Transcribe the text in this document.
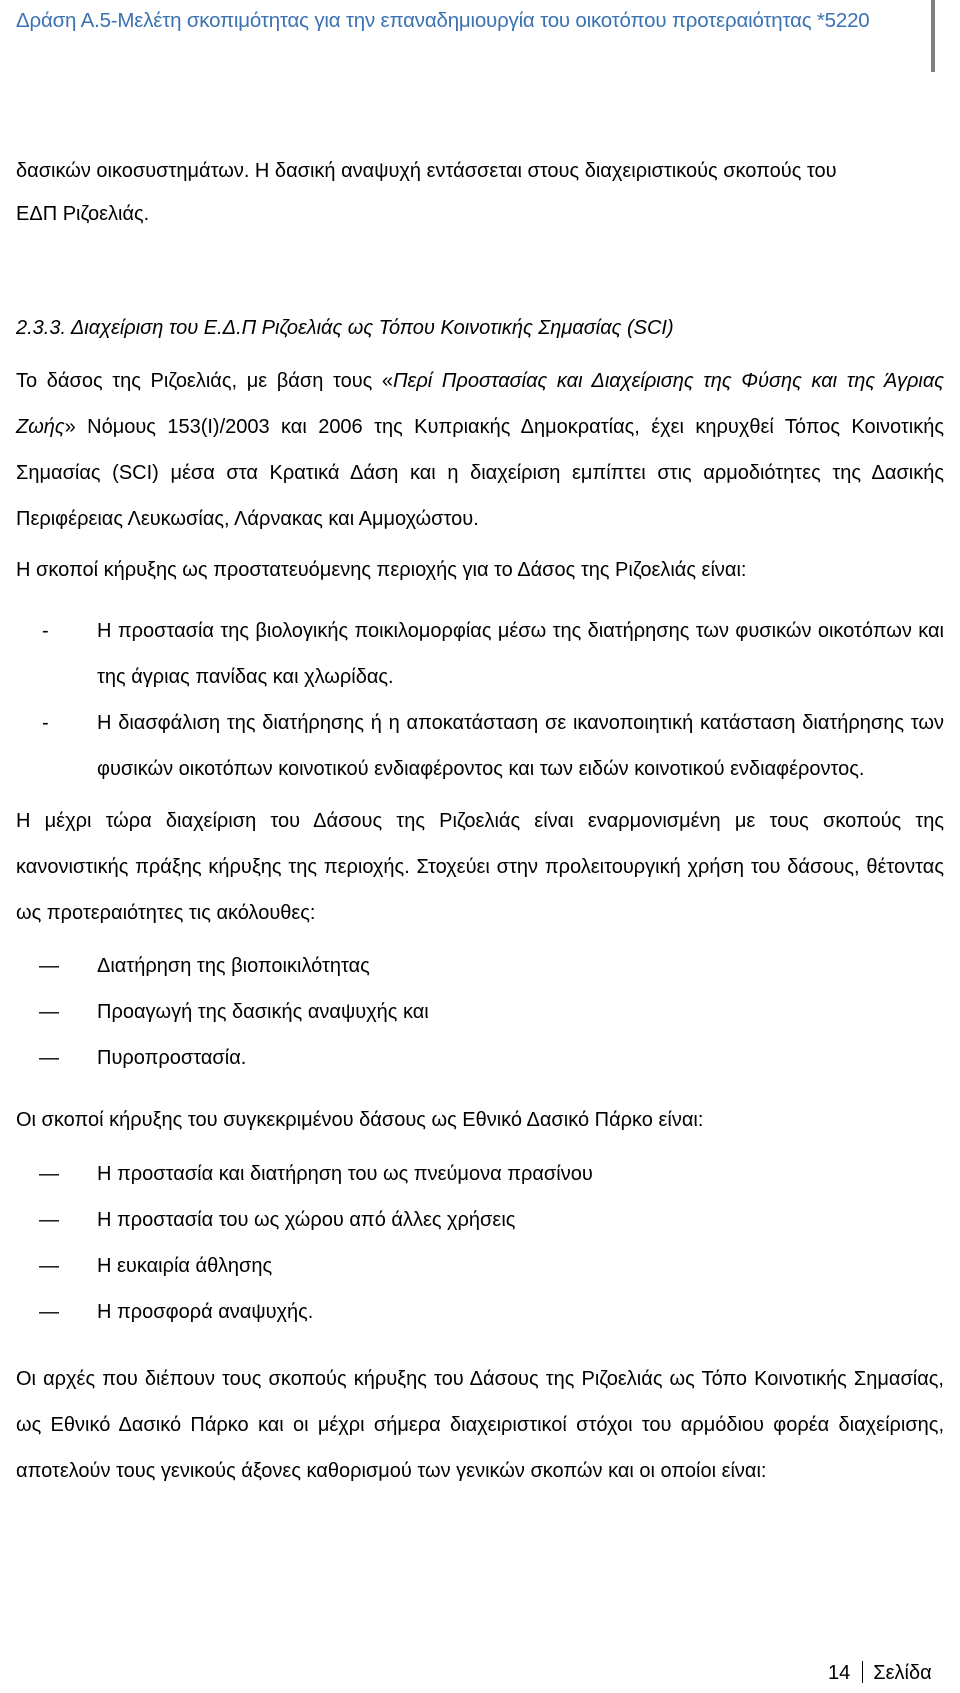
Δράση Α.5-Μελέτη σκοπιμότητας για την επαναδημιουργία του οικοτόπου προτεραιότητας *5220

δασικών οικοσυστημάτων. Η δασική αναψυχή εντάσσεται στους διαχειριστικούς σκοπούς του

ΕΔΠ Ριζοελιάς.

2.3.3. Διαχείριση του Ε.Δ.Π Ριζοελιάς ως Τόπου Κοινοτικής Σημασίας (SCI)

Το δάσος της Ριζοελιάς, με βάση τους «Περί Προστασίας και Διαχείρισης της Φύσης και της Άγριας Ζωής» Νόμους 153(Ι)/2003 και 2006 της Κυπριακής Δημοκρατίας, έχει κηρυχθεί Τόπος Κοινοτικής Σημασίας (SCI) μέσα στα Κρατικά Δάση και η διαχείριση εμπίπτει στις αρμοδιότητες της Δασικής Περιφέρειας Λευκωσίας, Λάρνακας και Αμμοχώστου.

Η σκοποί κήρυξης ως προστατευόμενης περιοχής για το Δάσος της Ριζοελιάς είναι:

- Η προστασία της βιολογικής ποικιλομορφίας μέσω της διατήρησης των φυσικών οικοτόπων και της άγριας πανίδας και χλωρίδας.
- Η διασφάλιση της διατήρησης ή η αποκατάσταση σε ικανοποιητική κατάσταση διατήρησης των φυσικών οικοτόπων κοινοτικού ενδιαφέροντος και των ειδών κοινοτικού ενδιαφέροντος.

Η μέχρι τώρα διαχείριση του Δάσους της Ριζοελιάς είναι εναρμονισμένη με τους σκοπούς της κανονιστικής πράξης κήρυξης της περιοχής. Στοχεύει στην προλειτουργική χρήση του δάσους, θέτοντας ως προτεραιότητες τις ακόλουθες:

— Διατήρηση της βιοποικιλότητας
— Προαγωγή της δασικής αναψυχής και
— Πυροπροστασία.

Οι σκοποί κήρυξης του συγκεκριμένου δάσους ως Εθνικό Δασικό Πάρκο είναι:

— Η προστασία και διατήρηση του ως πνεύμονα πρασίνου
— Η προστασία του ως χώρου από άλλες χρήσεις
— Η ευκαιρία άθλησης
— Η προσφορά αναψυχής.

Οι αρχές που διέπουν τους σκοπούς κήρυξης του Δάσους της Ριζοελιάς ως Τόπο Κοινοτικής Σημασίας, ως Εθνικό Δασικό Πάρκο και οι μέχρι σήμερα διαχειριστικοί στόχοι του αρμόδιου φορέα διαχείρισης, αποτελούν τους γενικούς άξονες καθορισμού των γενικών σκοπών και οι οποίοι είναι:

14 Σελίδα
